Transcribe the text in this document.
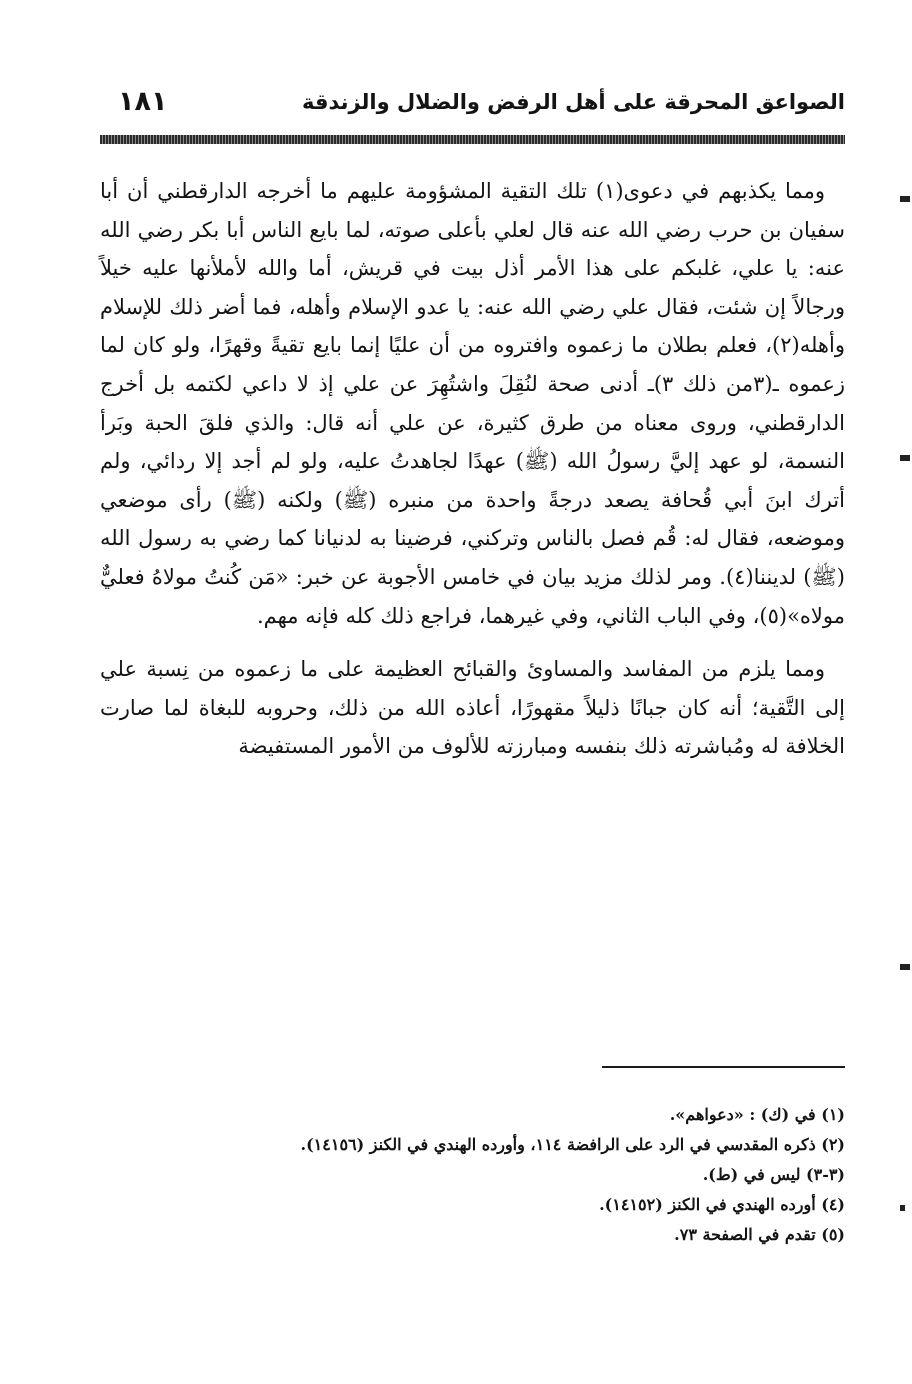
الصواعق المحرقة على أهل الرفض والضلال والزندقة
١٨١

ومما يكذبهم في دعوى(١) تلك التقية المشؤومة عليهم ما أخرجه الدارقطني أن أبا سفيان بن حرب رضي الله عنه قال لعلي بأعلى صوته، لما بايع الناس أبا بكر رضي الله عنه: يا علي، غلبكم على هذا الأمر أذل بيت في قريش، أما والله لأملأنها عليه خيلاً ورجالاً إن شئت، فقال علي رضي الله عنه: يا عدو الإسلام وأهله، فما أضر ذلك للإسلام وأهله(٢)، فعلم بطلان ما زعموه وافتروه من أن عليًا إنما بايع تقيةً وقهرًا، ولو كان لما زعموه ـ(٣من ذلك ٣)ـ أدنى صحة لنُقِلَ واشتُهِرَ عن علي إذ لا داعي لكتمه بل أخرج الدارقطني، وروى معناه من طرق كثيرة، عن علي أنه قال: والذي فلقَ الحبة وبَرأ النسمة، لو عهد إليَّ رسولُ الله (ﷺ) عهدًا لجاهدتُ عليه، ولو لم أجد إلا ردائي، ولم أترك ابنَ أبي قُحافة يصعد درجةً واحدة من منبره (ﷺ) ولكنه (ﷺ) رأى موضعي وموضعه، فقال له: قُم فصل بالناس وتركني، فرضينا به لدنيانا كما رضي به رسول الله (ﷺ) لديننا(٤). ومر لذلك مزيد بيان في خامس الأجوبة عن خبر: «مَن كُنتُ مولاهُ فعليٌّ مولاه»(٥)، وفي الباب الثاني، وفي غيرهما، فراجع ذلك كله فإنه مهم.

ومما يلزم من المفاسد والمساوئ والقبائح العظيمة على ما زعموه من نِسبة علي إلى التَّقية؛ أنه كان جبانًا ذليلاً مقهورًا، أعاذه الله من ذلك، وحروبه للبغاة لما صارت الخلافة له ومُباشرته ذلك بنفسه ومبارزته للألوف من الأمور المستفيضة

(١) في (ك) : «دعواهم».
(٢) ذكره المقدسي في الرد على الرافضة ١١٤، وأورده الهندي في الكنز (١٤١٥٦).
(٣-٣) ليس في (ط).
(٤) أورده الهندي في الكنز (١٤١٥٢).
(٥) تقدم في الصفحة ٧٣.
